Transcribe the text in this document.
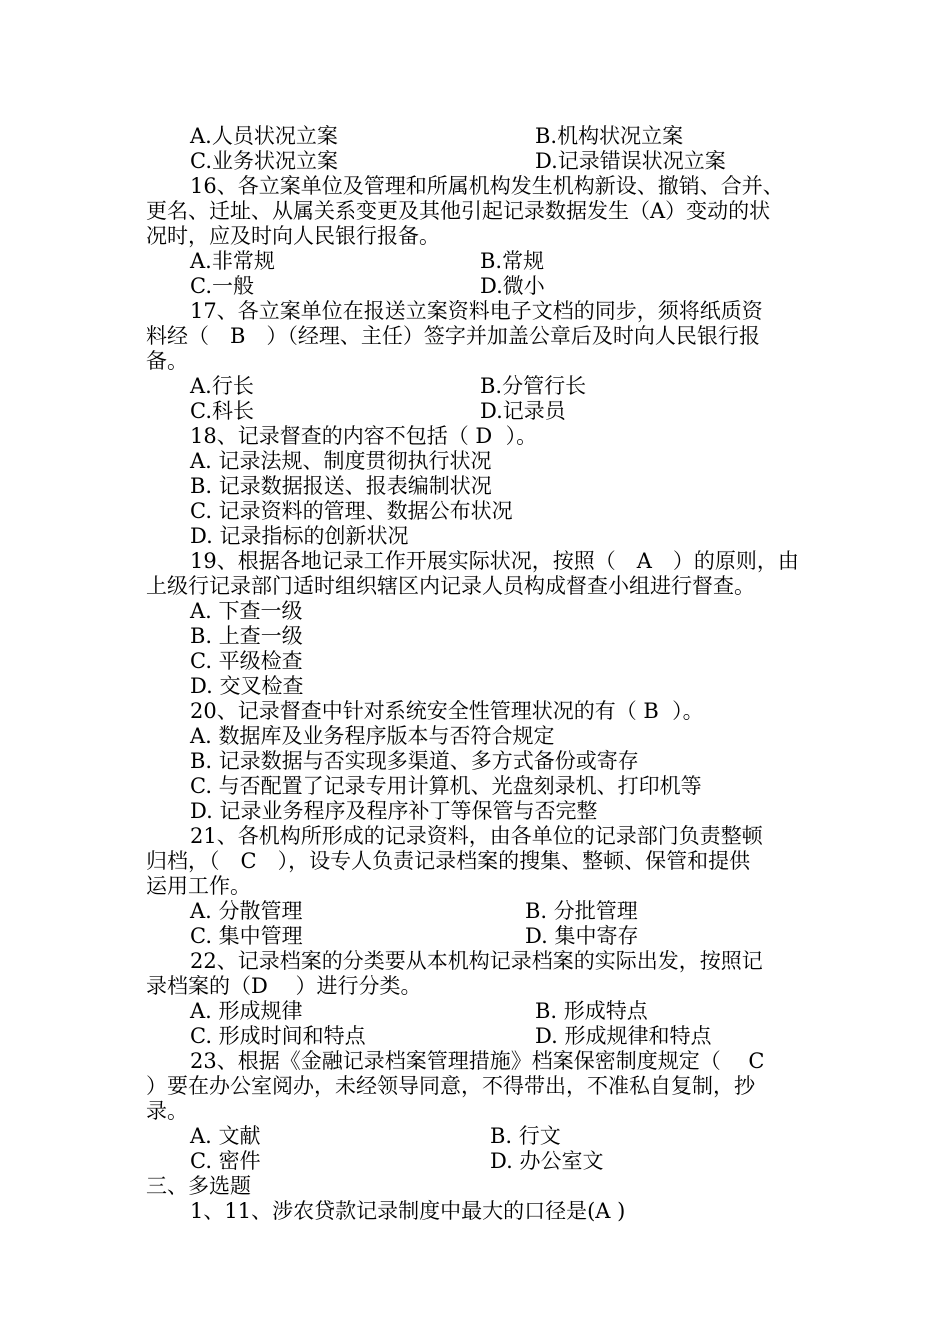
A.人员状况立案	B.机构状况立案
C.业务状况立案	D.记录错误状况立案
16、各立案单位及管理和所属机构发生机构新设、撤销、合并、
更名、迁址、从属关系变更及其他引起记录数据发生（A）变动的状
况时，应及时向人民银行报备。
A.非常规	B.常规
C.一般	D.微小
17、各立案单位在报送立案资料电子文档的同步，须将纸质资
料经（　B　）（经理、主任）签字并加盖公章后及时向人民银行报
备。
A.行长	B.分管行长
C.科长	D.记录员
18、记录督查的内容不包括（ D  ）。
A. 记录法规、制度贯彻执行状况
B. 记录数据报送、报表编制状况
C. 记录资料的管理、数据公布状况
D. 记录指标的创新状况
19、根据各地记录工作开展实际状况，按照（　A　）的原则，由
上级行记录部门适时组织辖区内记录人员构成督查小组进行督查。
A. 下查一级
B. 上查一级
C. 平级检查
D. 交叉检查
20、记录督查中针对系统安全性管理状况的有（ B  ）。
A. 数据库及业务程序版本与否符合规定
B. 记录数据与否实现多渠道、多方式备份或寄存
C. 与否配置了记录专用计算机、光盘刻录机、打印机等
D. 记录业务程序及程序补丁等保管与否完整
21、各机构所形成的记录资料，由各单位的记录部门负责整顿
归档，（　C　），设专人负责记录档案的搜集、整顿、保管和提供
运用工作。
A. 分散管理	B. 分批管理
C. 集中管理	D. 集中寄存
22、记录档案的分类要从本机构记录档案的实际出发，按照记
录档案的（D　 ）进行分类。
A. 形成规律	B. 形成特点
C. 形成时间和特点	D. 形成规律和特点
23、根据《金融记录档案管理措施》档案保密制度规定（　 C
）要在办公室阅办，未经领导同意，不得带出，不准私自复制，抄
录。
A. 文献	B. 行文
C. 密件	D. 办公室文
三、多选题
1、11、涉农贷款记录制度中最大的口径是(A )
